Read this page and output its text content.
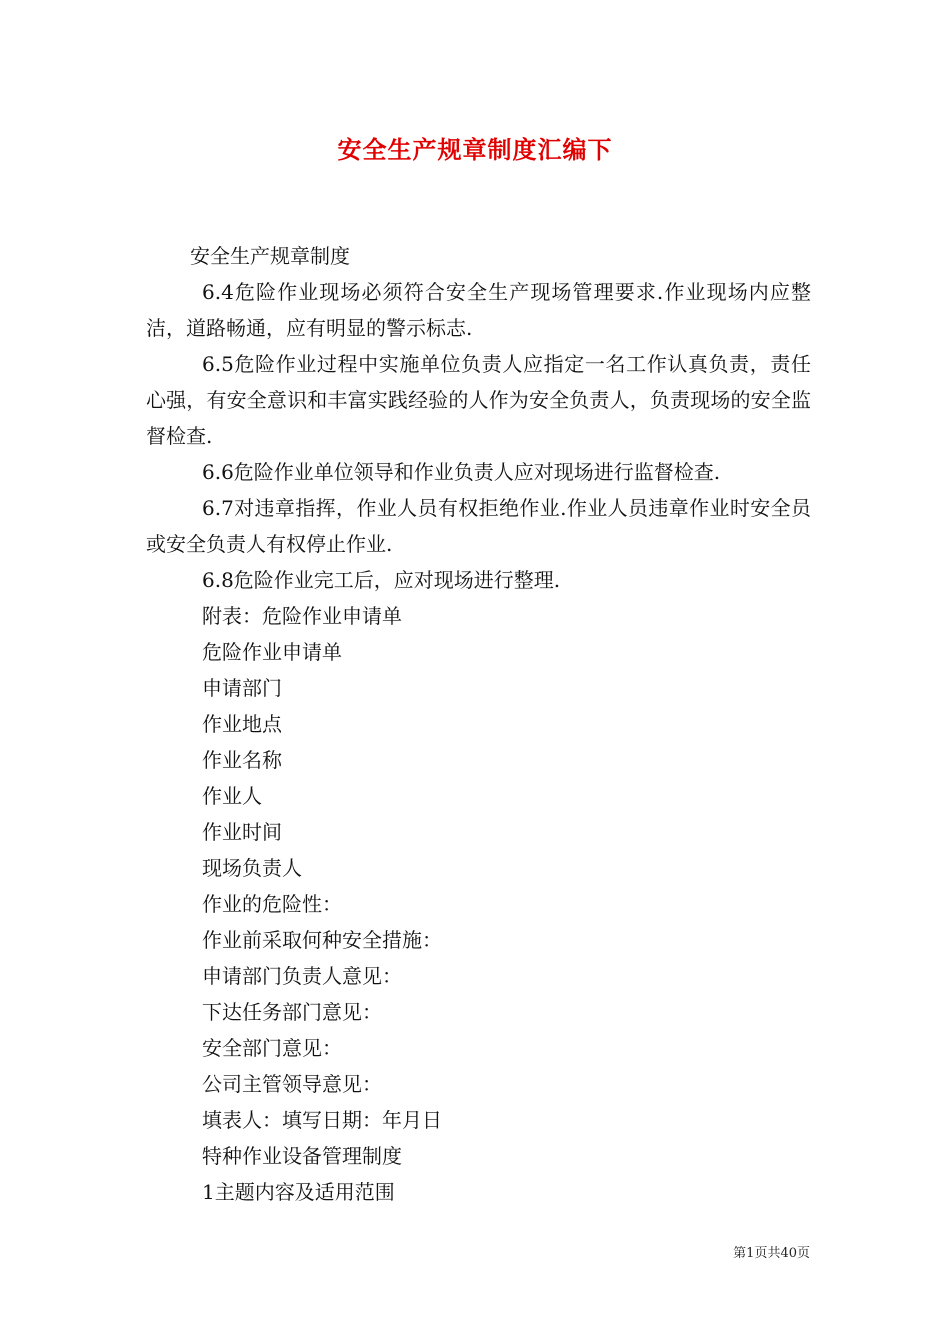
安全生产规章制度汇编下

安全生产规章制度

6.4危险作业现场必须符合安全生产现场管理要求.作业现场内应整洁，道路畅通，应有明显的警示标志.

6.5危险作业过程中实施单位负责人应指定一名工作认真负责，责任心强，有安全意识和丰富实践经验的人作为安全负责人，负责现场的安全监督检查.

6.6危险作业单位领导和作业负责人应对现场进行监督检查.

6.7对违章指挥，作业人员有权拒绝作业.作业人员违章作业时安全员或安全负责人有权停止作业.

6.8危险作业完工后，应对现场进行整理.

附表：危险作业申请单

危险作业申请单

申请部门

作业地点

作业名称

作业人

作业时间

现场负责人

作业的危险性：

作业前采取何种安全措施：

申请部门负责人意见：

下达任务部门意见：

安全部门意见：

公司主管领导意见：

填表人：填写日期：年月日

特种作业设备管理制度

1主题内容及适用范围

第1页共40页
